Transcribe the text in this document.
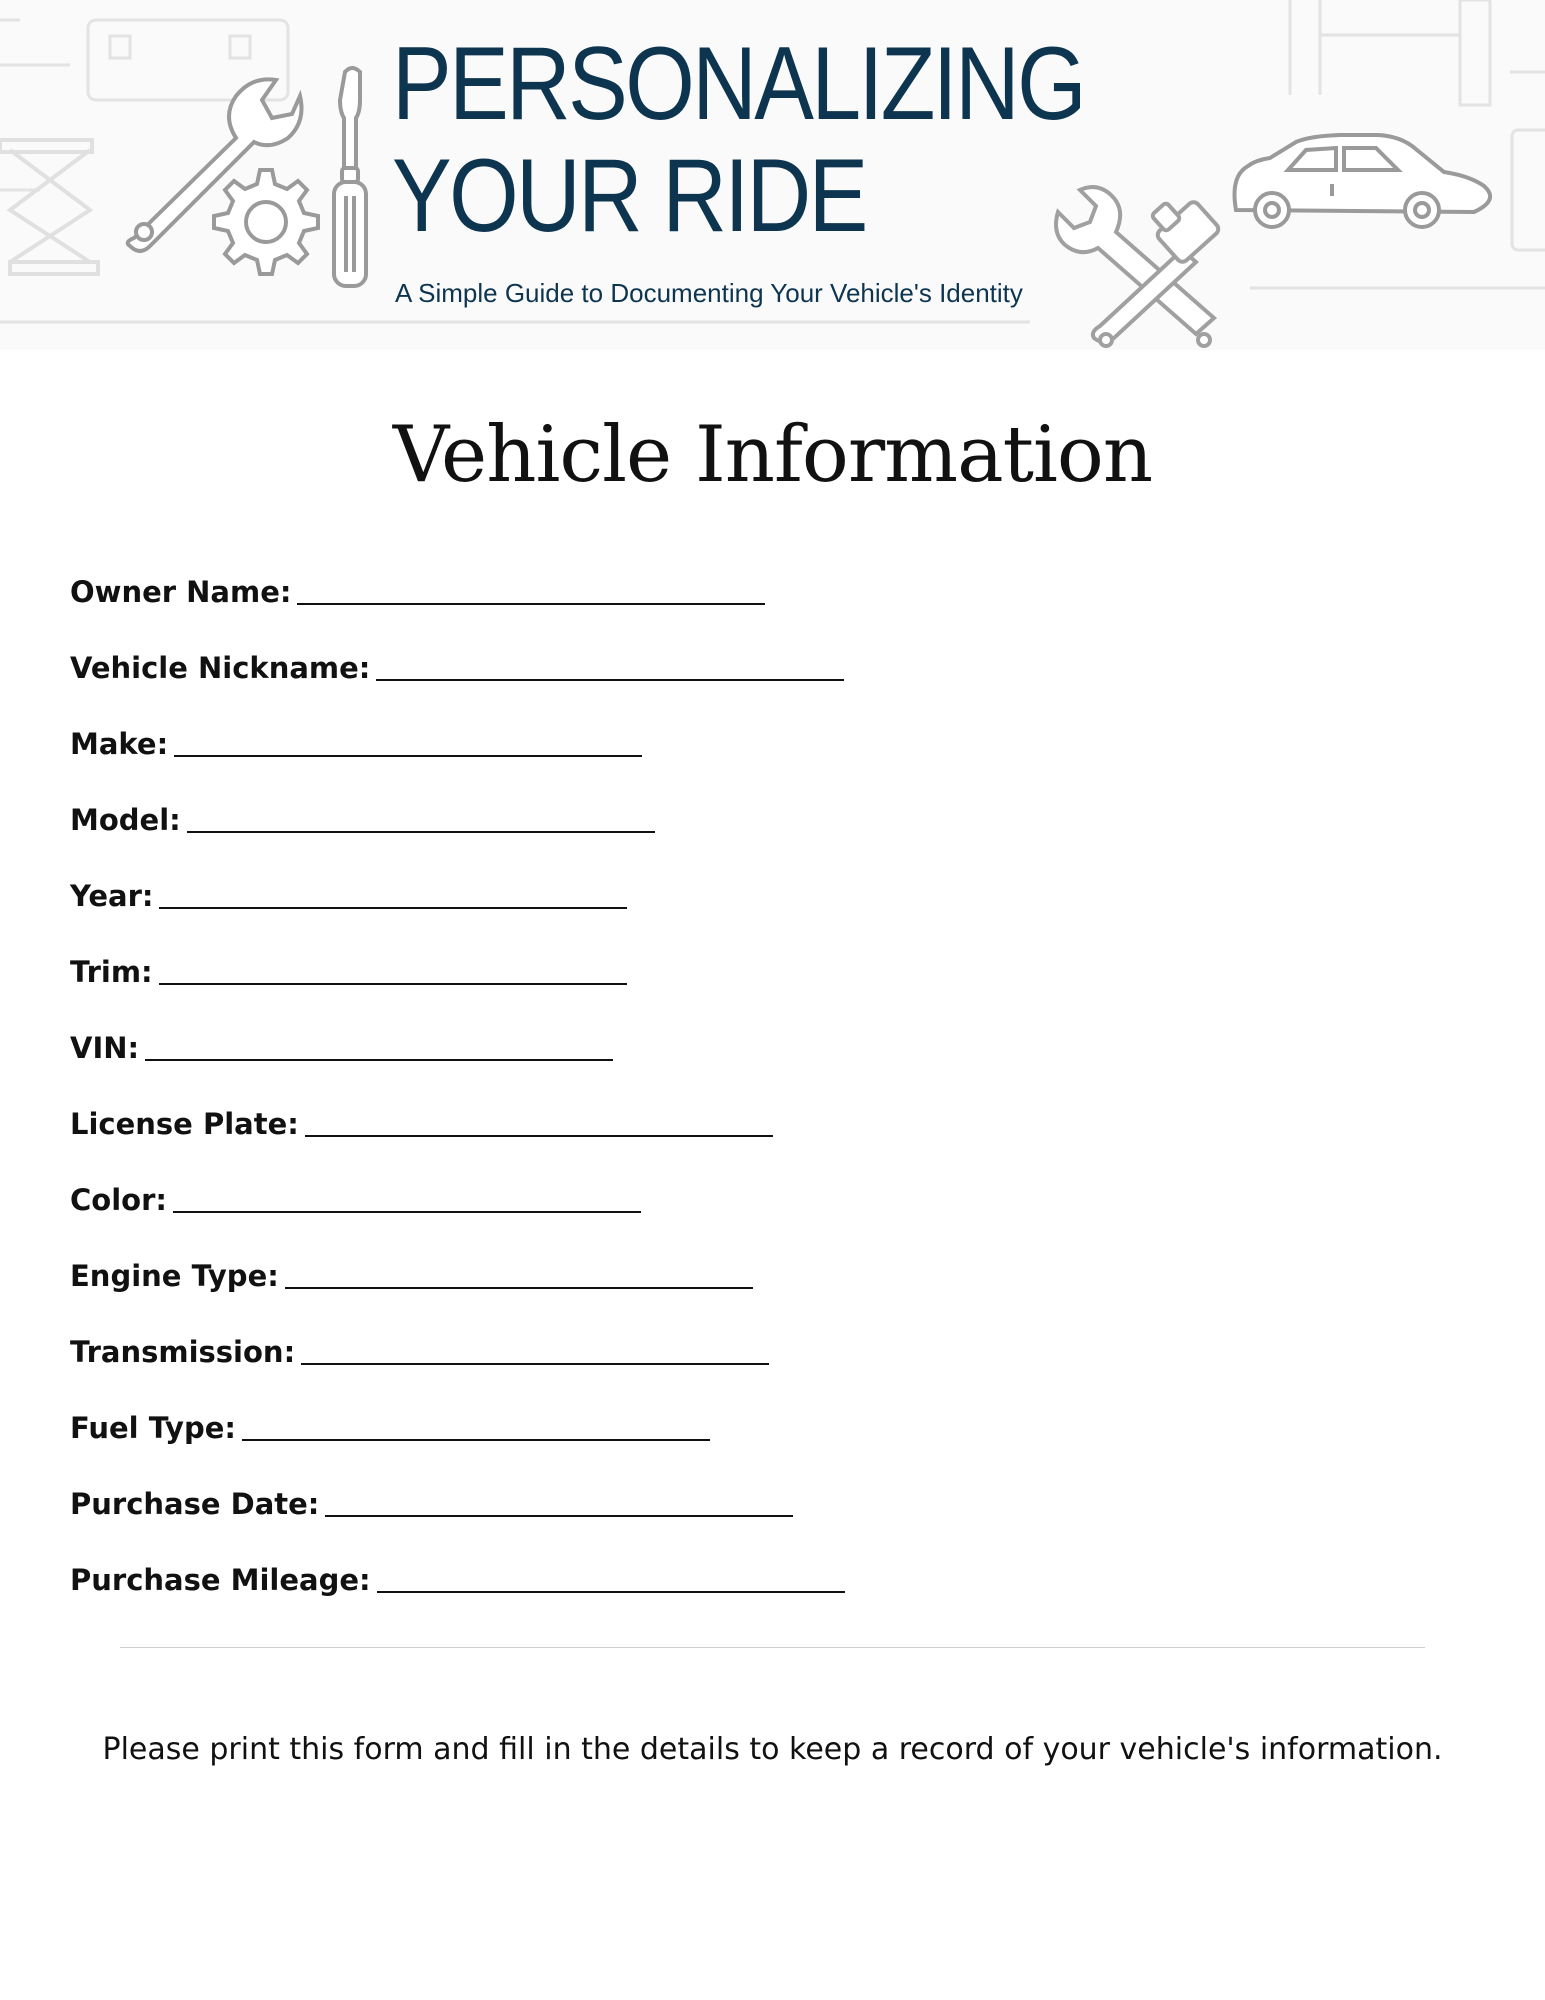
PERSONALIZING
YOUR RIDE
A Simple Guide to Documenting Your Vehicle's Identity
Vehicle Information
Owner Name:
Vehicle Nickname:
Make:
Model:
Year:
Trim:
VIN:
License Plate:
Color:
Engine Type:
Transmission:
Fuel Type:
Purchase Date:
Purchase Mileage:

Please print this form and fill in the details to keep a record of your vehicle's information.
